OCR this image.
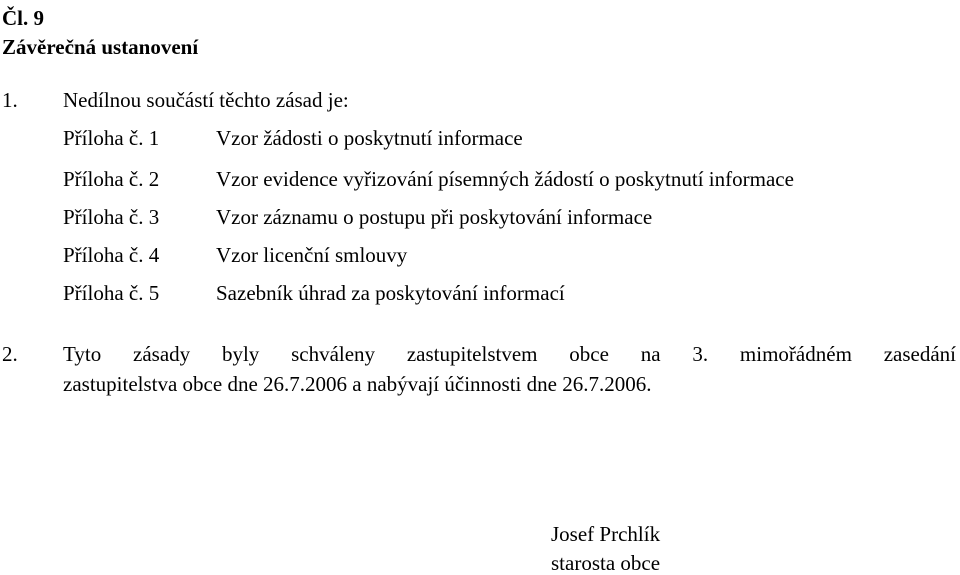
Čl. 9
Závěrečná ustanovení
1. Nedílnou součástí těchto zásad je:
Příloha č. 1	Vzor žádosti o poskytnutí informace
Příloha č. 2	Vzor evidence vyřizování písemných žádostí o poskytnutí informace
Příloha č. 3	Vzor záznamu o postupu při poskytování informace
Příloha č. 4	Vzor licenční smlouvy
Příloha č. 5	Sazebník úhrad za poskytování informací
2. Tyto zásady byly schváleny zastupitelstvem obce na 3. mimořádném zasedání
zastupitelstva obce dne 26.7.2006 a nabývají účinnosti dne 26.7.2006.
Josef Prchlík
starosta obce
